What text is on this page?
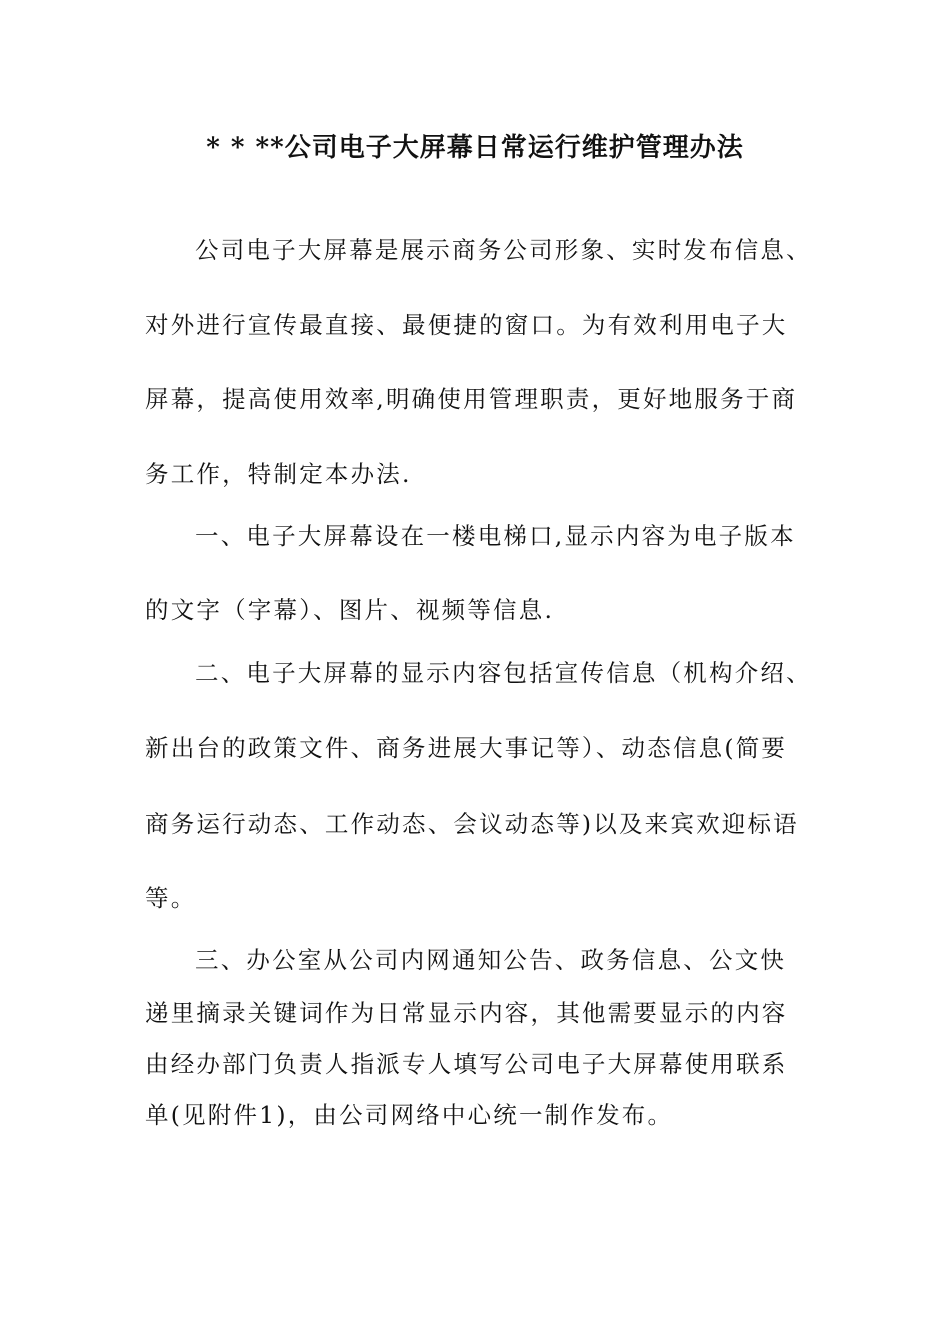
* * **公司电子大屏幕日常运行维护管理办法
公司电子大屏幕是展示商务公司形象、实时发布信息、
对外进行宣传最直接、最便捷的窗口。为有效利用电子大
屏幕，提高使用效率,明确使用管理职责，更好地服务于商
务工作，特制定本办法.
一、电子大屏幕设在一楼电梯口,显示内容为电子版本
的文字（字幕）、图片、视频等信息.
二、电子大屏幕的显示内容包括宣传信息（机构介绍、
新出台的政策文件、商务进展大事记等）、动态信息(简要
商务运行动态、工作动态、会议动态等)以及来宾欢迎标语
等。
三、办公室从公司内网通知公告、政务信息、公文快
递里摘录关键词作为日常显示内容，其他需要显示的内容
由经办部门负责人指派专人填写公司电子大屏幕使用联系
单(见附件1)，由公司网络中心统一制作发布。
